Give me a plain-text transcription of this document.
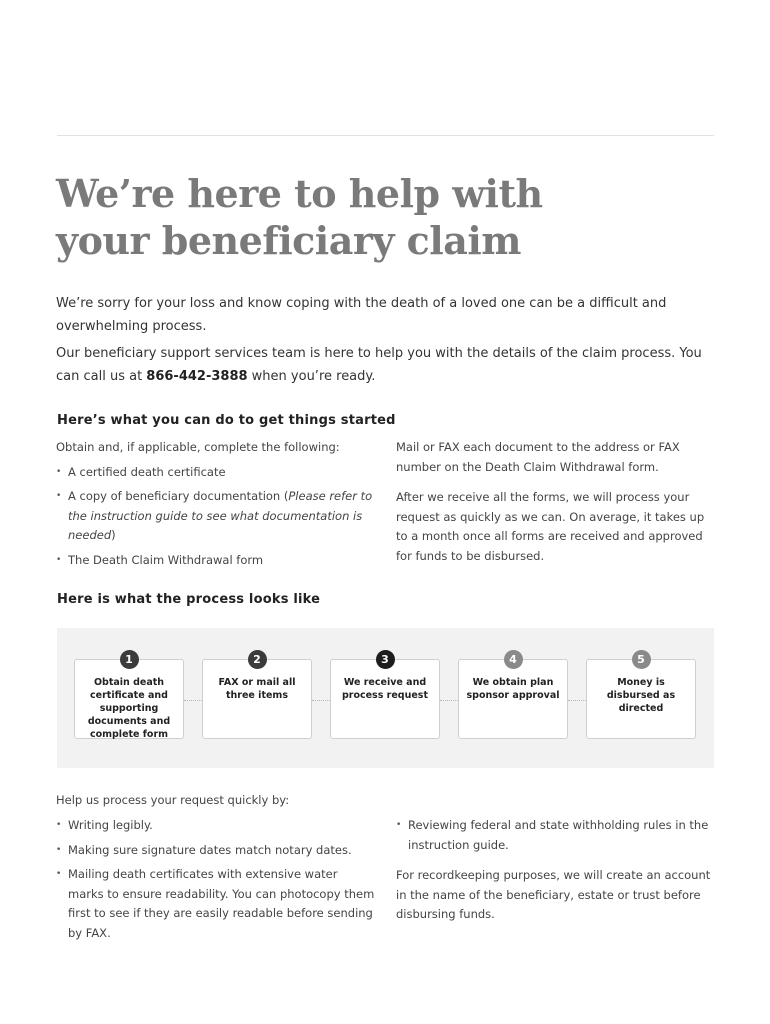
We’re here to help with
your beneficiary claim

We’re sorry for your loss and know coping with the death of a loved one can be a difficult and overwhelming process.

Our beneficiary support services team is here to help you with the details of the claim process. You can call us at 866-442-3888 when you’re ready.

Here’s what you can do to get things started

Obtain and, if applicable, complete the following:

• A certified death certificate
• A copy of beneficiary documentation (Please refer to the instruction guide to see what documentation is needed)
• The Death Claim Withdrawal form

Mail or FAX each document to the address or FAX number on the Death Claim Withdrawal form.

After we receive all the forms, we will process your request as quickly as we can. On average, it takes up to a month once all forms are received and approved for funds to be disbursed.

Here is what the process looks like
Obtain death certificate and supporting documents and complete form
1
FAX or mail all three items
2
We receive and process request
3
We obtain plan sponsor approval
4
Money is disbursed as directed
5

Help us process your request quickly by:

• Writing legibly.
• Making sure signature dates match notary dates.
• Mailing death certificates with extensive water marks to ensure readability. You can photocopy them first to see if they are easily readable before sending by FAX.
• Reviewing federal and state withholding rules in the instruction guide.

For recordkeeping purposes, we will create an account in the name of the beneficiary, estate or trust before disbursing funds.
